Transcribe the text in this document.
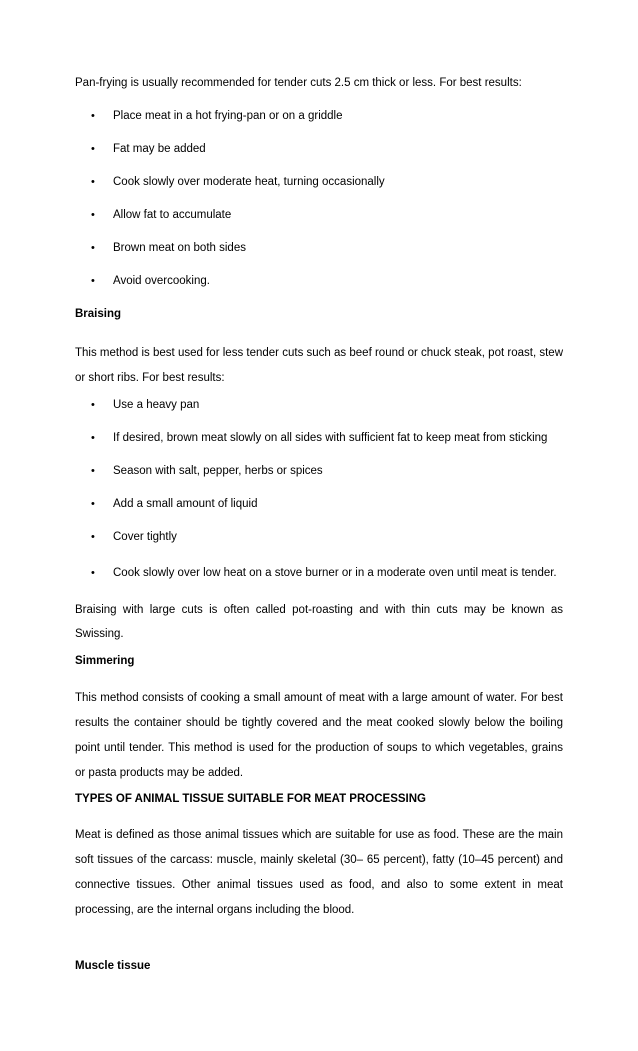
Pan-frying is usually recommended for tender cuts 2.5 cm thick or less. For best results:

•	Place meat in a hot frying-pan or on a griddle
•	Fat may be added
•	Cook slowly over moderate heat, turning occasionally
•	Allow fat to accumulate
•	Brown meat on both sides
•	Avoid overcooking.

Braising

This method is best used for less tender cuts such as beef round or chuck steak, pot roast, stew
or short ribs. For best results:
•	Use a heavy pan
•	If desired, brown meat slowly on all sides with sufficient fat to keep meat from sticking
•	Season with salt, pepper, herbs or spices
•	Add a small amount of liquid
•	Cover tightly
•	Cook slowly over low heat on a stove burner or in a moderate oven until meat is tender.
Braising with large cuts is often called pot-roasting and with thin cuts may be known as
Swissing.

Simmering

This method consists of cooking a small amount of meat with a large amount of water. For best
results the container should be tightly covered and the meat cooked slowly below the boiling
point until tender. This method is used for the production of soups to which vegetables, grains
or pasta products may be added.

TYPES OF ANIMAL TISSUE SUITABLE FOR MEAT PROCESSING

Meat is defined as those animal tissues which are suitable for use as food. These are the main
soft tissues of the carcass: muscle, mainly skeletal (30– 65 percent), fatty (10–45 percent) and
connective tissues. Other animal tissues used as food, and also to some extent in meat
processing, are the internal organs including the blood.

Muscle tissue
